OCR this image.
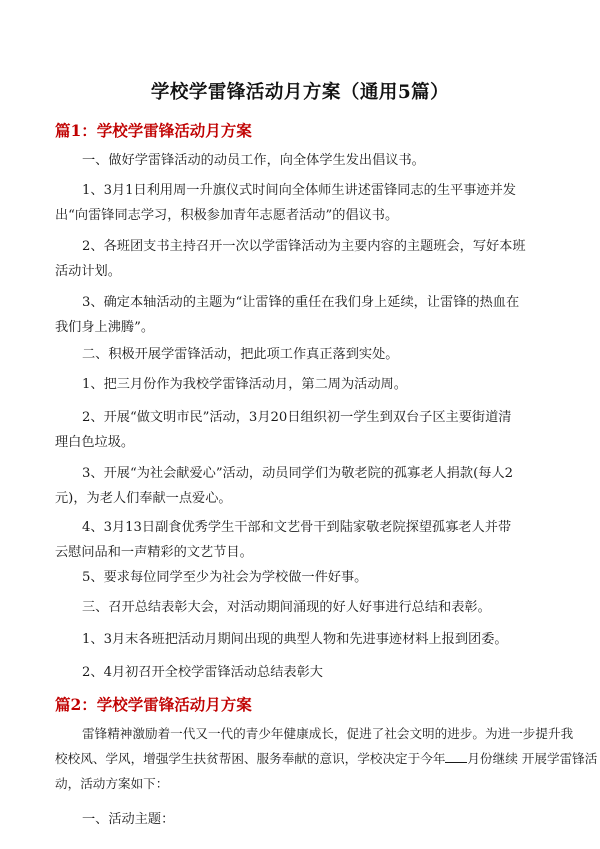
学校学雷锋活动月方案（通用5篇）
篇1：学校学雷锋活动月方案
一、做好学雷锋活动的动员工作，向全体学生发出倡议书。
1、3月1日利用周一升旗仪式时间向全体师生讲述雷锋同志的生平事迹并发
出“向雷锋同志学习，积极参加青年志愿者活动”的倡议书。
2、各班团支书主持召开一次以学雷锋活动为主要内容的主题班会，写好本班
活动计划。
3、确定本轴活动的主题为“让雷锋的重任在我们身上延续，让雷锋的热血在
我们身上沸腾”。
二、积极开展学雷锋活动，把此项工作真正落到实处。
1、把三月份作为我校学雷锋活动月，第二周为活动周。
2、开展“做文明市民”活动，3月20日组织初一学生到双台子区主要街道清
理白色垃圾。
3、开展“为社会献爱心”活动，动员同学们为敬老院的孤寡老人捐款(每人2
元)，为老人们奉献一点爱心。
4、3月13日副食优秀学生干部和文艺骨干到陆家敬老院探望孤寡老人并带
云慰问品和一声精彩的文艺节目。
5、要求每位同学至少为社会为学校做一件好事。
三、召开总结表彰大会，对活动期间涌现的好人好事进行总结和表彰。
1、3月末各班把活动月期间出现的典型人物和先进事迹材料上报到团委。
2、4月初召开全校学雷锋活动总结表彰大
篇2：学校学雷锋活动月方案
雷锋精神激励着一代又一代的青少年健康成长，促进了社会文明的进步。为进一步提升我
校校风、学风，增强学生扶贫帮困、服务奉献的意识，学校决定于今年 月份继续 开展学雷锋活
动，活动方案如下：
一、活动主题：
